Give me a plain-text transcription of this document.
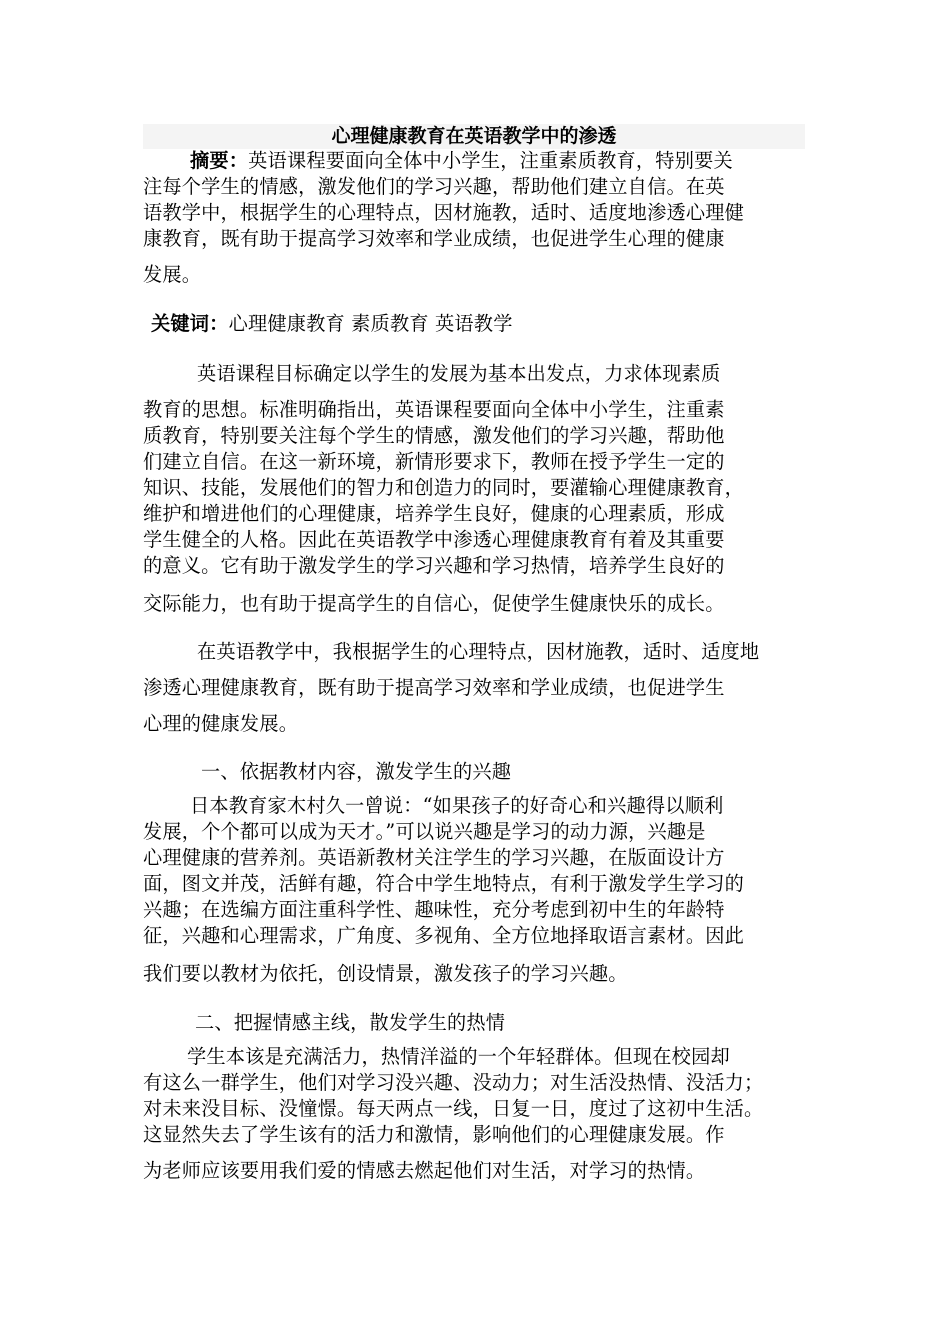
心理健康教育在英语教学中的渗透
摘要：英语课程要面向全体中小学生，注重素质教育，特别要关
注每个学生的情感，激发他们的学习兴趣，帮助他们建立自信。在英
语教学中，根据学生的心理特点，因材施教，适时、适度地渗透心理健
康教育，既有助于提高学习效率和学业成绩，也促进学生心理的健康
发展。
关键词：心理健康教育 素质教育 英语教学
英语课程目标确定以学生的发展为基本出发点，力求体现素质
教育的思想。标准明确指出，英语课程要面向全体中小学生，注重素
质教育，特别要关注每个学生的情感，激发他们的学习兴趣，帮助他
们建立自信。在这一新环境，新情形要求下，教师在授予学生一定的
知识、技能，发展他们的智力和创造力的同时，要灌输心理健康教育，
维护和增进他们的心理健康，培养学生良好，健康的心理素质，形成
学生健全的人格。因此在英语教学中渗透心理健康教育有着及其重要
的意义。它有助于激发学生的学习兴趣和学习热情，培养学生良好的
交际能力，也有助于提高学生的自信心，促使学生健康快乐的成长。
在英语教学中，我根据学生的心理特点，因材施教，适时、适度地
渗透心理健康教育，既有助于提高学习效率和学业成绩，也促进学生
心理的健康发展。
一、依据教材内容，激发学生的兴趣
日本教育家木村久一曾说：“如果孩子的好奇心和兴趣得以顺利
发展，个个都可以成为天才。”可以说兴趣是学习的动力源，兴趣是
心理健康的营养剂。英语新教材关注学生的学习兴趣，在版面设计方
面，图文并茂，活鲜有趣，符合中学生地特点，有利于激发学生学习的
兴趣；在选编方面注重科学性、趣味性，充分考虑到初中生的年龄特
征，兴趣和心理需求，广角度、多视角、全方位地择取语言素材。因此
我们要以教材为依托，创设情景，激发孩子的学习兴趣。
二、把握情感主线，散发学生的热情
学生本该是充满活力，热情洋溢的一个年轻群体。但现在校园却
有这么一群学生，他们对学习没兴趣、没动力；对生活没热情、没活力；
对未来没目标、没憧憬。每天两点一线，日复一日，度过了这初中生活。
这显然失去了学生该有的活力和激情，影响他们的心理健康发展。作
为老师应该要用我们爱的情感去燃起他们对生活，对学习的热情。
